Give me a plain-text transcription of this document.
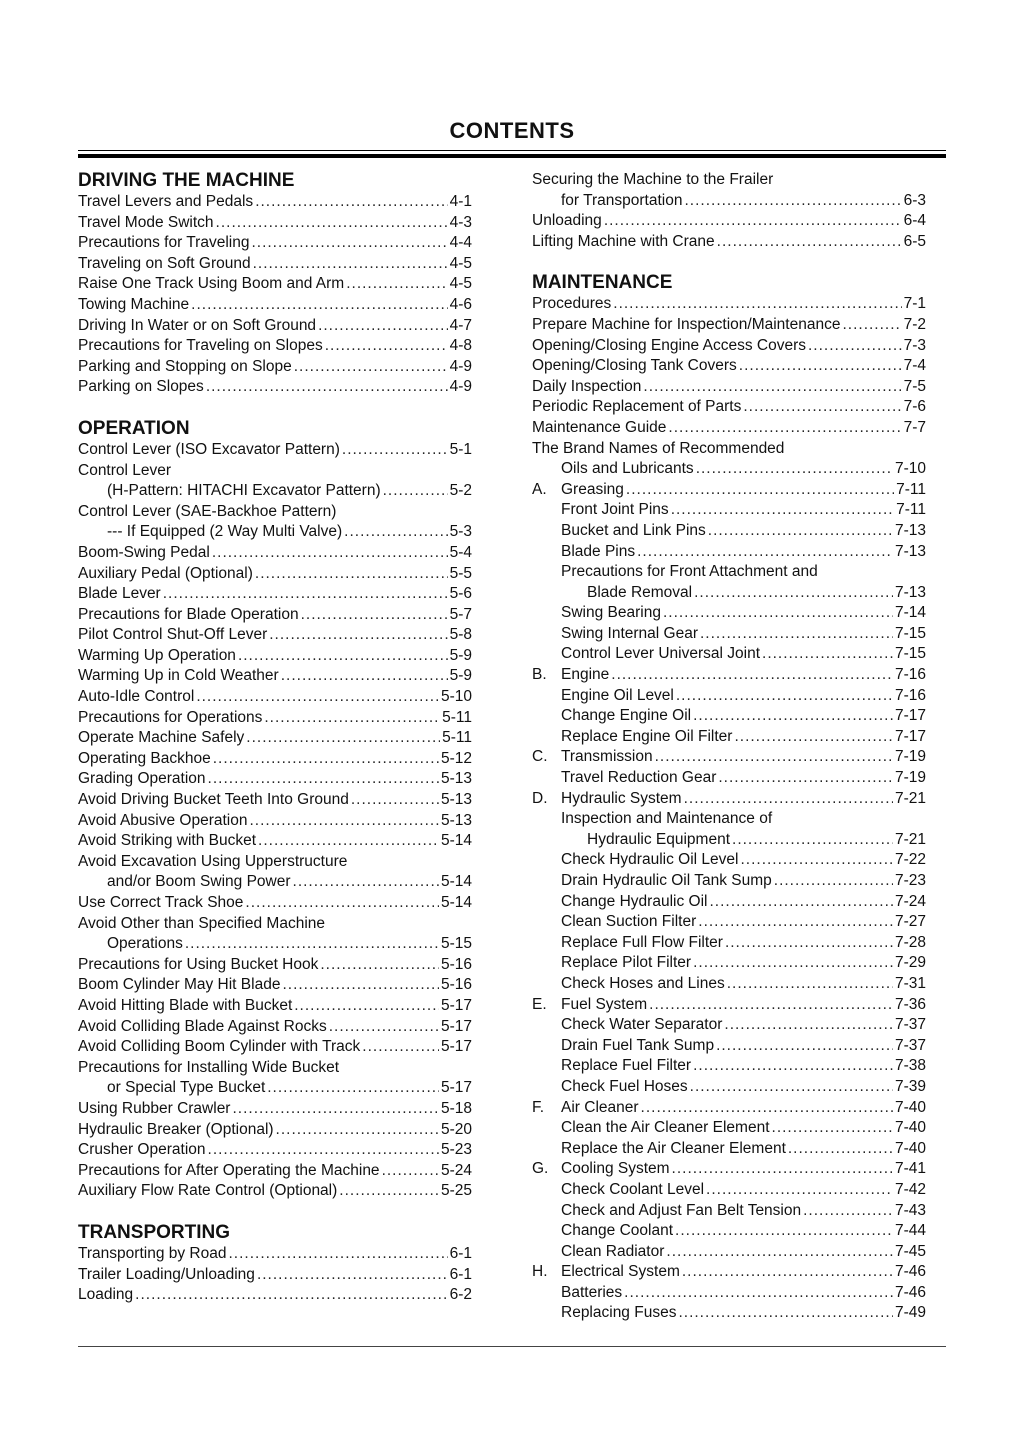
CONTENTS
DRIVING THE MACHINE
Travel Levers and Pedals .....	4-1
Travel Mode Switch .....	4-3
Precautions for Traveling .....	4-4
Traveling on Soft Ground .....	4-5
Raise One Track Using Boom and Arm .....	4-5
Towing Machine .....	4-6
Driving In Water or on Soft Ground .....	4-7
Precautions for Traveling on Slopes .....	4-8
Parking and Stopping on Slope .....	4-9
Parking on Slopes .....	4-9
OPERATION
Control Lever (ISO Excavator Pattern) .....	5-1
Control Lever
(H-Pattern: HITACHI Excavator Pattern) .....	5-2
Control Lever (SAE-Backhoe Pattern)
--- If Equipped (2 Way Multi Valve) .....	5-3
Boom-Swing Pedal .....	5-4
Auxiliary Pedal (Optional) .....	5-5
Blade Lever .....	5-6
Precautions for Blade Operation .....	5-7
Pilot Control Shut-Off Lever .....	5-8
Warming Up Operation .....	5-9
Warming Up in Cold Weather .....	5-9
Auto-Idle Control .....	5-10
Precautions for Operations .....	5-11
Operate Machine Safely .....	5-11
Operating Backhoe .....	5-12
Grading Operation .....	5-13
Avoid Driving Bucket Teeth Into Ground .....	5-13
Avoid Abusive Operation .....	5-13
Avoid Striking with Bucket .....	5-14
Avoid Excavation Using Upperstructure
and/or Boom Swing Power .....	5-14
Use Correct Track Shoe .....	5-14
Avoid Other than Specified Machine
Operations .....	5-15
Precautions for Using Bucket Hook .....	5-16
Boom Cylinder May Hit Blade .....	5-16
Avoid Hitting Blade with Bucket .....	5-17
Avoid Colliding Blade Against Rocks .....	5-17
Avoid Colliding Boom Cylinder with Track .....	5-17
Precautions for Installing Wide Bucket
or Special Type Bucket .....	5-17
Using Rubber Crawler .....	5-18
Hydraulic Breaker (Optional) .....	5-20
Crusher Operation .....	5-23
Precautions for After Operating the Machine .....	5-24
Auxiliary Flow Rate Control (Optional) .....	5-25
TRANSPORTING
Transporting by Road .....	6-1
Trailer Loading/Unloading .....	6-1
Loading .....	6-2
Securing the Machine to the Frailer
for Transportation .....	6-3
Unloading .....	6-4
Lifting Machine with Crane .....	6-5
MAINTENANCE
Procedures .....	7-1
Prepare Machine for Inspection/Maintenance .....	7-2
Opening/Closing Engine Access Covers .....	7-3
Opening/Closing Tank Covers .....	7-4
Daily Inspection .....	7-5
Periodic Replacement of Parts .....	7-6
Maintenance Guide .....	7-7
The Brand Names of Recommended
Oils and Lubricants .....	7-10
A. Greasing .....	7-11
Front Joint Pins .....	7-11
Bucket and Link Pins .....	7-13
Blade Pins .....	7-13
Precautions for Front Attachment and
Blade Removal .....	7-13
Swing Bearing .....	7-14
Swing Internal Gear .....	7-15
Control Lever Universal Joint .....	7-15
B. Engine .....	7-16
Engine Oil Level .....	7-16
Change Engine Oil .....	7-17
Replace Engine Oil Filter .....	7-17
C. Transmission .....	7-19
Travel Reduction Gear .....	7-19
D. Hydraulic System .....	7-21
Inspection and Maintenance of
Hydraulic Equipment .....	7-21
Check Hydraulic Oil Level .....	7-22
Drain Hydraulic Oil Tank Sump .....	7-23
Change Hydraulic Oil .....	7-24
Clean Suction Filter .....	7-27
Replace Full Flow Filter .....	7-28
Replace Pilot Filter .....	7-29
Check Hoses and Lines .....	7-31
E. Fuel System .....	7-36
Check Water Separator .....	7-37
Drain Fuel Tank Sump .....	7-37
Replace Fuel Filter .....	7-38
Check Fuel Hoses .....	7-39
F.	Air Cleaner .....	7-40
Clean the Air Cleaner Element .....	7-40
Replace the Air Cleaner Element .....	7-40
G. Cooling System .....	7-41
Check Coolant Level .....	7-42
Check and Adjust Fan Belt Tension .....	7-43
Change Coolant .....	7-44
Clean Radiator .....	7-45
H. Electrical System .....	7-46
Batteries .....	7-46
Replacing Fuses .....	7-49
